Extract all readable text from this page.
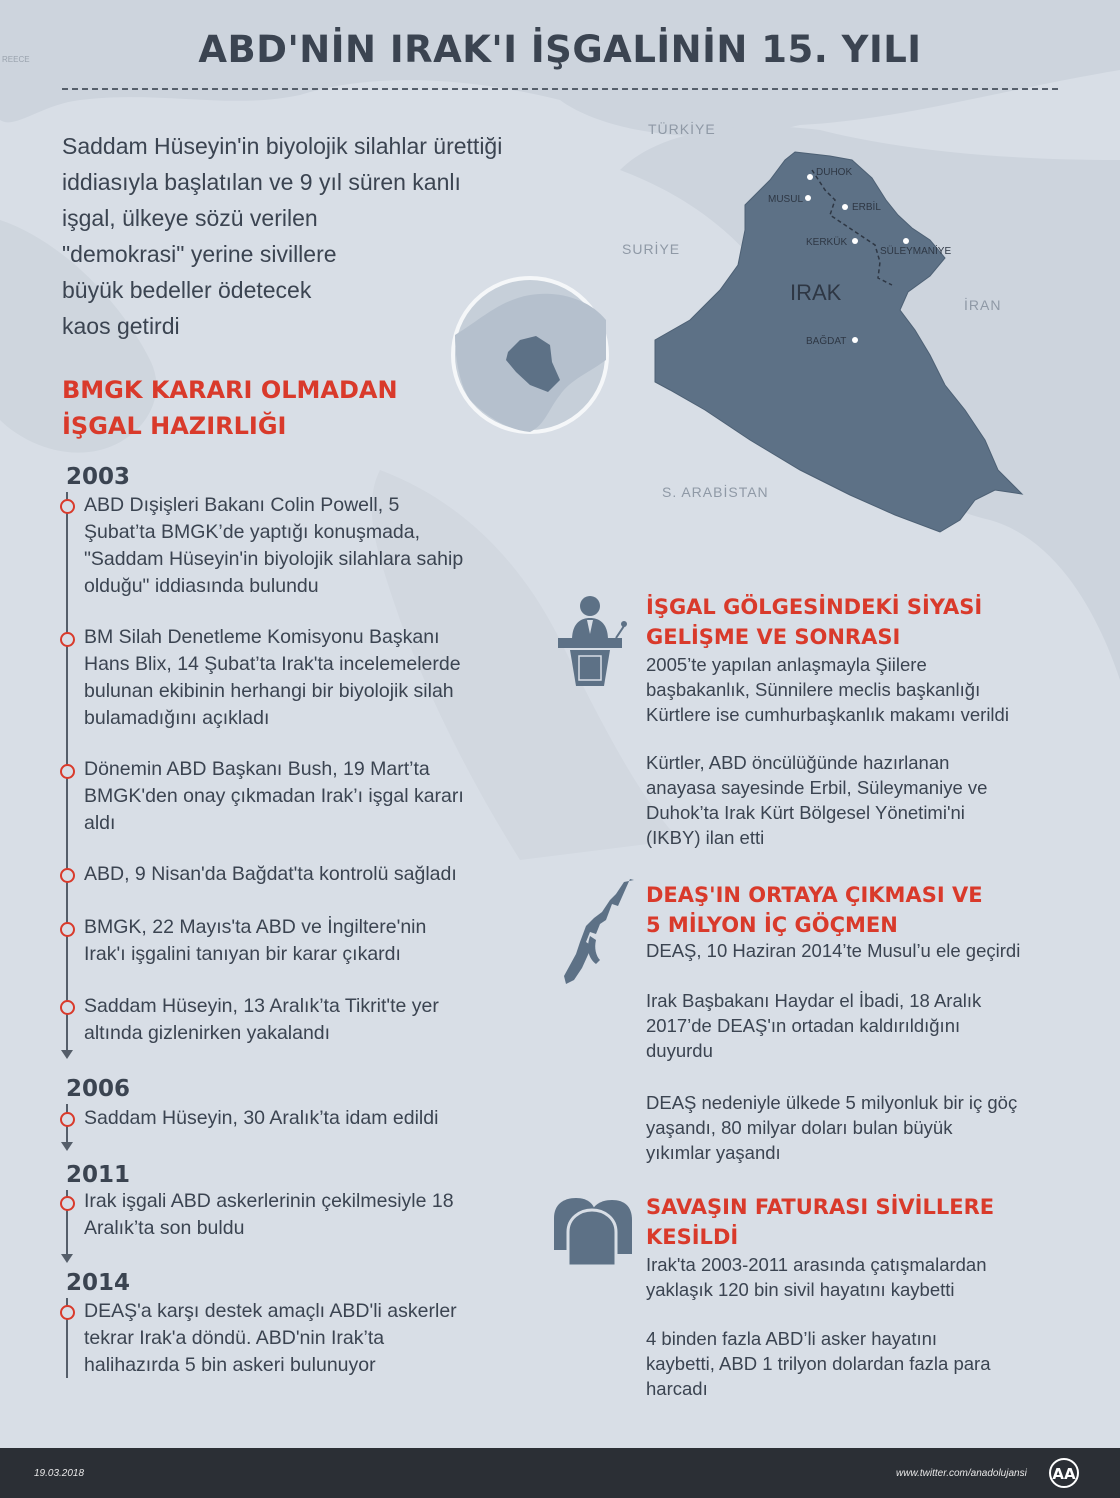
ABD'NİN IRAK'I İŞGALİNİN 15. YILI
Saddam Hüseyin'in biyolojik silahlar ürettiği
iddiasıyla başlatılan ve 9 yıl süren kanlı
işgal, ülkeye sözü verilen
"demokrasi" yerine sivillere
büyük bedeller ödetecek
kaos getirdi
TÜRKİYE
SURİYE
İRAN
S. ARABİSTAN
REECE
IRAK
DUHOK
MUSUL
ERBİL
KERKÜK
SÜLEYMANİYE
BAĞDAT
BMGK KARARI OLMADAN
İŞGAL HAZIRLIĞI
2003
ABD Dışişleri Bakanı Colin Powell, 5
Şubat’ta BMGK’de yaptığı konuşmada,
"Saddam Hüseyin'in biyolojik silahlara sahip
olduğu" iddiasında bulundu
BM Silah Denetleme Komisyonu Başkanı
Hans Blix, 14 Şubat’ta Irak'ta incelemelerde
bulunan ekibinin herhangi bir biyolojik silah
bulamadığını açıkladı
Dönemin ABD Başkanı Bush, 19 Mart’ta
BMGK'den onay çıkmadan Irak’ı işgal kararı
aldı
ABD, 9 Nisan'da Bağdat'ta kontrolü sağladı
BMGK, 22 Mayıs'ta ABD ve İngiltere'nin
Irak'ı işgalini tanıyan bir karar çıkardı
Saddam Hüseyin, 13 Aralık’ta Tikrit'te yer
altında gizlenirken yakalandı
2006
Saddam Hüseyin, 30 Aralık’ta idam edildi
2011
Irak işgali ABD askerlerinin çekilmesiyle 18
Aralık’ta son buldu
2014
DEAŞ'a karşı destek amaçlı ABD'li askerler
tekrar Irak'a döndü. ABD'nin Irak’ta
halihazırda 5 bin askeri bulunuyor
İŞGAL GÖLGESİNDEKİ SİYASİ
GELİŞME VE SONRASI
2005’te yapılan anlaşmayla Şiilere
başbakanlık, Sünnilere meclis başkanlığı
Kürtlere ise cumhurbaşkanlık makamı verildi
Kürtler, ABD öncülüğünde hazırlanan
anayasa sayesinde Erbil, Süleymaniye ve
Duhok’ta Irak Kürt Bölgesel Yönetimi'ni
(IKBY) ilan etti
DEAŞ'IN ORTAYA ÇIKMASI VE
5 MİLYON İÇ GÖÇMEN
DEAŞ, 10 Haziran 2014’te Musul’u ele geçirdi
Irak Başbakanı Haydar el İbadi, 18 Aralık
2017’de DEAŞ'ın ortadan kaldırıldığını
duyurdu
DEAŞ nedeniyle ülkede 5 milyonluk bir iç göç
yaşandı, 80 milyar doları bulan büyük
yıkımlar yaşandı
SAVAŞIN FATURASI SİVİLLERE
KESİLDİ
Irak'ta 2003-2011 arasında çatışmalardan
yaklaşık 120 bin sivil hayatını kaybetti
4 binden fazla ABD’li asker hayatını
kaybetti, ABD 1 trilyon dolardan fazla para
harcadı
19.03.2018	www.twitter.com/anadolujansi AA
